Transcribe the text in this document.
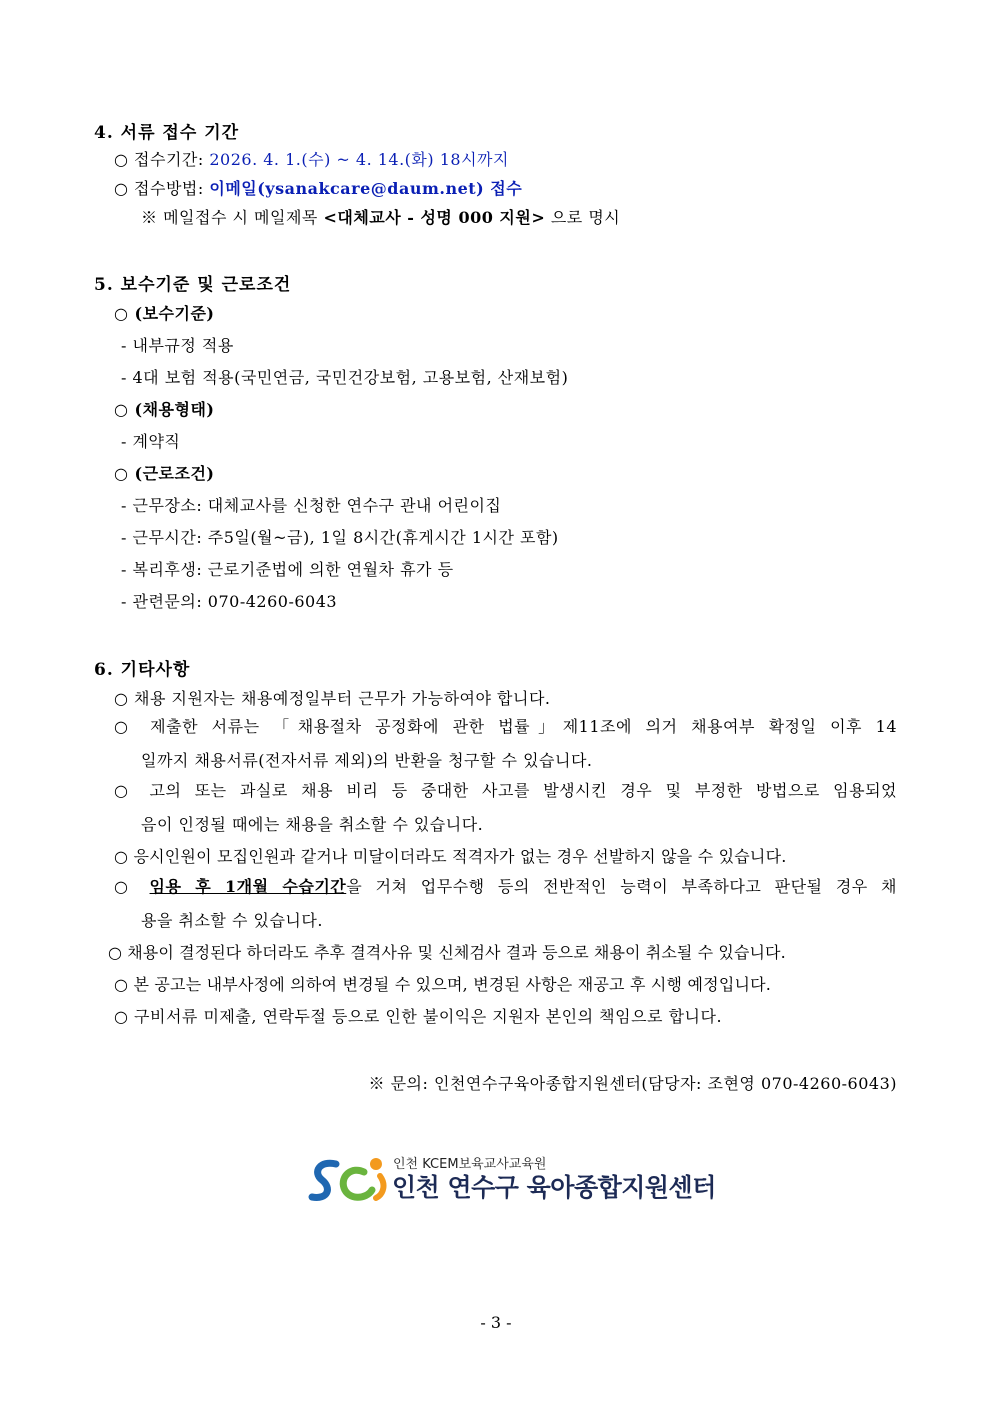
4. 서류 접수 기간
○ 접수기간: 2026. 4. 1.(수) ~ 4. 14.(화) 18시까지
○ 접수방법: 이메일(ysanakcare@daum.net) 접수
※ 메일접수 시 메일제목 <대체교사 - 성명 000 지원> 으로 명시
5. 보수기준 및 근로조건
○ (보수기준)
- 내부규정 적용
- 4대 보험 적용(국민연금, 국민건강보험, 고용보험, 산재보험)
○ (채용형태)
- 계약직
○ (근로조건)
- 근무장소: 대체교사를 신청한 연수구 관내 어린이집
- 근무시간: 주5일(월~금), 1일 8시간(휴게시간 1시간 포함)
- 복리후생: 근로기준법에 의한 연월차 휴가 등
- 관련문의: 070-4260-6043
6. 기타사항
○ 채용 지원자는 채용예정일부터 근무가 가능하여야 합니다.
○ 제출한 서류는 「채용절차 공정화에 관한 법률」제11조에 의거 채용여부 확정일 이후 14
일까지 채용서류(전자서류 제외)의 반환을 청구할 수 있습니다.
○ 고의 또는 과실로 채용 비리 등 중대한 사고를 발생시킨 경우 및 부정한 방법으로 임용되었
음이 인정될 때에는 채용을 취소할 수 있습니다.
○ 응시인원이 모집인원과 같거나 미달이더라도 적격자가 없는 경우 선발하지 않을 수 있습니다.
○ 임용 후 1개월 수습기간을 거쳐 업무수행 등의 전반적인 능력이 부족하다고 판단될 경우 채
용을 취소할 수 있습니다.
○ 채용이 결정된다 하더라도 추후 결격사유 및 신체검사 결과 등으로 채용이 취소될 수 있습니다.
○ 본 공고는 내부사정에 의하여 변경될 수 있으며, 변경된 사항은 재공고 후 시행 예정입니다.
○ 구비서류 미제출, 연락두절 등으로 인한 불이익은 지원자 본인의 책임으로 합니다.
※ 문의: 인천연수구육아종합지원센터(담당자: 조현영 070-4260-6043)
인천 KCEM보육교사교육원
인천 연수구 육아종합지원센터
- 3 -
